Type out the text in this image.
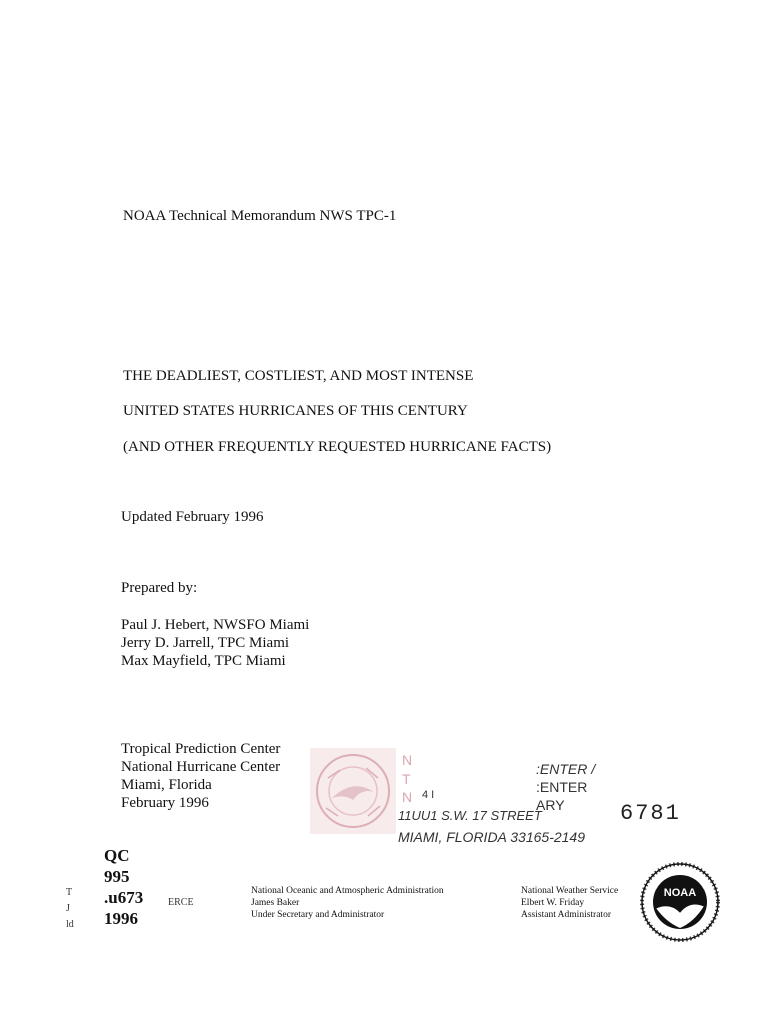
NOAA Technical Memorandum NWS TPC-1
THE DEADLIEST, COSTLIEST, AND MOST INTENSE
UNITED STATES HURRICANES OF THIS CENTURY
(AND OTHER FREQUENTLY REQUESTED HURRICANE FACTS)
Updated February 1996
Prepared by:
Paul J. Hebert, NWSFO Miami
Jerry D. Jarrell, TPC Miami
Max Mayfield, TPC Miami
Tropical Prediction Center
National Hurricane Center
Miami, Florida
February 1996
N
T
N 4 I
11UU1 S.W. 17 STREET
MIAMI, FLORIDA 33165-2149
:ENTER /
:ENTER
ARY	6781
QC
995
.u673
1996
T
J
ld
ERCE
National Oceanic and Atmospheric Administration
James Baker
Under Secretary and Administrator
National Weather Service
Elbert W. Friday
Assistant Administrator
NOAA
